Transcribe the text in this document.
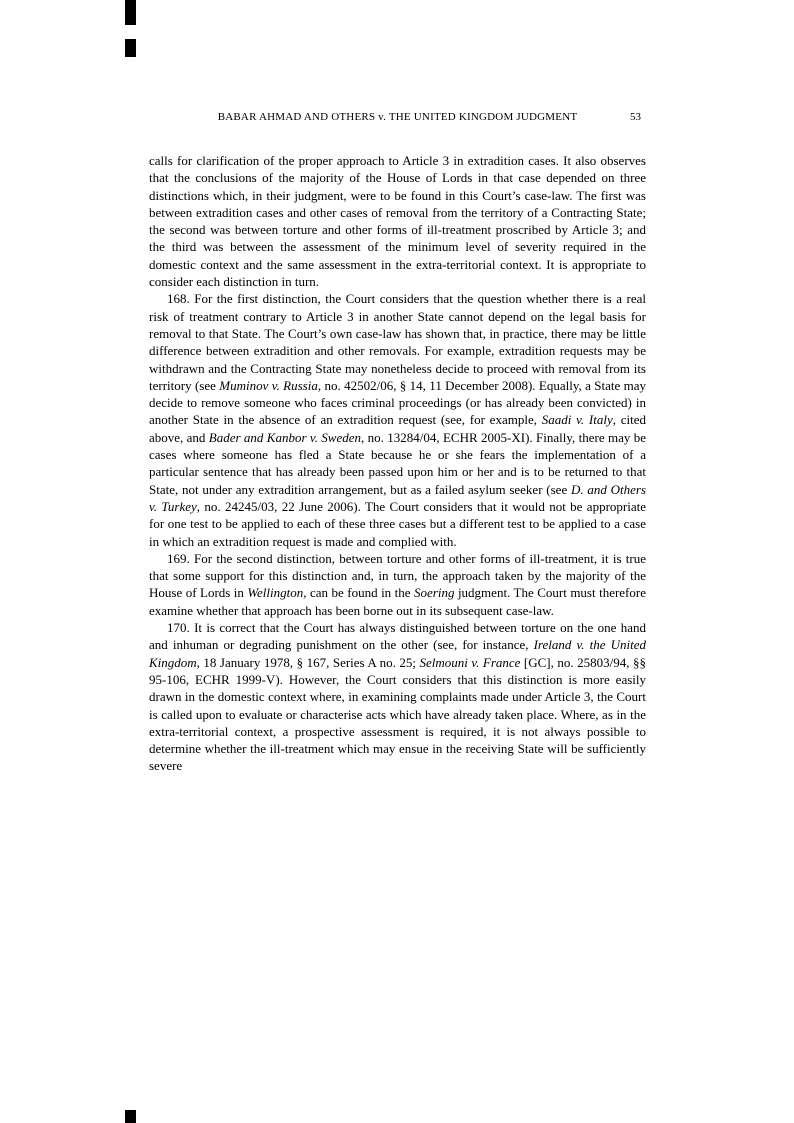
BABAR AHMAD AND OTHERS v. THE UNITED KINGDOM JUDGMENT	53

calls for clarification of the proper approach to Article 3 in extradition cases. It also observes that the conclusions of the majority of the House of Lords in that case depended on three distinctions which, in their judgment, were to be found in this Court’s case-law. The first was between extradition cases and other cases of removal from the territory of a Contracting State; the second was between torture and other forms of ill-treatment proscribed by Article 3; and the third was between the assessment of the minimum level of severity required in the domestic context and the same assessment in the extra-territorial context. It is appropriate to consider each distinction in turn.

168. For the first distinction, the Court considers that the question whether there is a real risk of treatment contrary to Article 3 in another State cannot depend on the legal basis for removal to that State. The Court’s own case-law has shown that, in practice, there may be little difference between extradition and other removals. For example, extradition requests may be withdrawn and the Contracting State may nonetheless decide to proceed with removal from its territory (see Muminov v. Russia, no. 42502/06, § 14, 11 December 2008). Equally, a State may decide to remove someone who faces criminal proceedings (or has already been convicted) in another State in the absence of an extradition request (see, for example, Saadi v. Italy, cited above, and Bader and Kanbor v. Sweden, no. 13284/04, ECHR 2005-XI). Finally, there may be cases where someone has fled a State because he or she fears the implementation of a particular sentence that has already been passed upon him or her and is to be returned to that State, not under any extradition arrangement, but as a failed asylum seeker (see D. and Others v. Turkey, no. 24245/03, 22 June 2006). The Court considers that it would not be appropriate for one test to be applied to each of these three cases but a different test to be applied to a case in which an extradition request is made and complied with.

169. For the second distinction, between torture and other forms of ill-treatment, it is true that some support for this distinction and, in turn, the approach taken by the majority of the House of Lords in Wellington, can be found in the Soering judgment. The Court must therefore examine whether that approach has been borne out in its subsequent case-law.

170. It is correct that the Court has always distinguished between torture on the one hand and inhuman or degrading punishment on the other (see, for instance, Ireland v. the United Kingdom, 18 January 1978, § 167, Series A no. 25; Selmouni v. France [GC], no. 25803/94, §§ 95-106, ECHR 1999-V). However, the Court considers that this distinction is more easily drawn in the domestic context where, in examining complaints made under Article 3, the Court is called upon to evaluate or characterise acts which have already taken place. Where, as in the extra-territorial context, a prospective assessment is required, it is not always possible to determine whether the ill-treatment which may ensue in the receiving State will be sufficiently severe
